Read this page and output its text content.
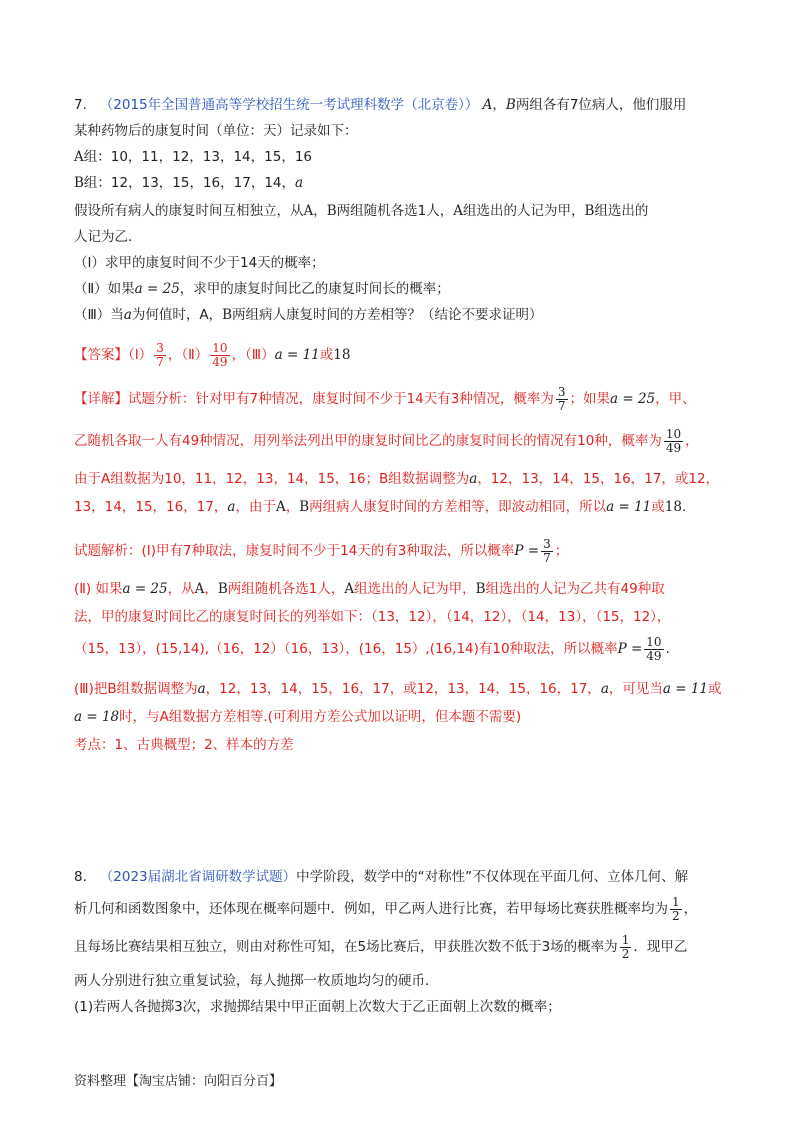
7. （2015年全国普通高等学校招生统一考试理科数学（北京卷）） A，B两组各有7位病人，他们服用
某种药物后的康复时间（单位：天）记录如下：
A组：10，11，12，13，14，15，16
B组：12，13，15，16，17，14，a
假设所有病人的康复时间互相独立，从A，B两组随机各选1人，A组选出的人记为甲，B组选出的
人记为乙．
（Ⅰ）求甲的康复时间不少于14天的概率；
（Ⅱ）如果a = 25，求甲的康复时间比乙的康复时间长的概率；
（Ⅲ）当a为何值时，A，B两组病人康复时间的方差相等？（结论不要求证明）
【答案】（Ⅰ） $\frac{3}{7}$ ，（Ⅱ） $\frac{10}{49}$ ，（Ⅲ）a = 11或18
【详解】试题分析：针对甲有7种情况，康复时间不少于14天有3种情况，概率为 $\frac{3}{7}$ ；如果a = 25，甲、
乙随机各取一人有49种情况，用列举法列出甲的康复时间比乙的康复时间长的情况有10种，概率为 $\frac{10}{49}$ ，
由于A组数据为10，11，12，13，14，15，16；B组数据调整为a，12，13，14，15，16，17，或12，
13，14，15，16，17，a，由于A，B两组病人康复时间的方差相等，即波动相同，所以a = 11或18.
试题解析：(Ⅰ)甲有7种取法，康复时间不少于14天的有3种取法，所以概率$P = \frac{3}{7}$ ；
(Ⅱ) 如果a = 25，从A，B两组随机各选1人，A组选出的人记为甲，B组选出的人记为乙共有49种取
法，甲的康复时间比乙的康复时间长的列举如下：（13，12），（14，12），（14，13），（15，12），
（15，13），(15,14),（16，12）（16，13），(16，15）,(16,14)有10种取法，所以概率$P = \frac{10}{49}$ .
(Ⅲ)把B组数据调整为a，12，13，14，15，16，17，或12，13，14，15，16，17，a，可见当a = 11或
a = 18时，与A组数据方差相等.(可利用方差公式加以证明，但本题不需要)
考点：1、古典概型；2、样本的方差
8. （2023届湖北省调研数学试题）中学阶段，数学中的“对称性”不仅体现在平面几何、立体几何、解
析几何和函数图象中，还体现在概率问题中．例如，甲乙两人进行比赛，若甲每场比赛获胜概率均为 $\frac{1}{2}$ ，
且每场比赛结果相互独立，则由对称性可知，在5场比赛后，甲获胜次数不低于3场的概率为 $\frac{1}{2}$ ．现甲乙
两人分别进行独立重复试验，每人抛掷一枚质地均匀的硬币．
(1)若两人各抛掷3次，求抛掷结果中甲正面朝上次数大于乙正面朝上次数的概率；
资料整理【淘宝店铺：向阳百分百】
